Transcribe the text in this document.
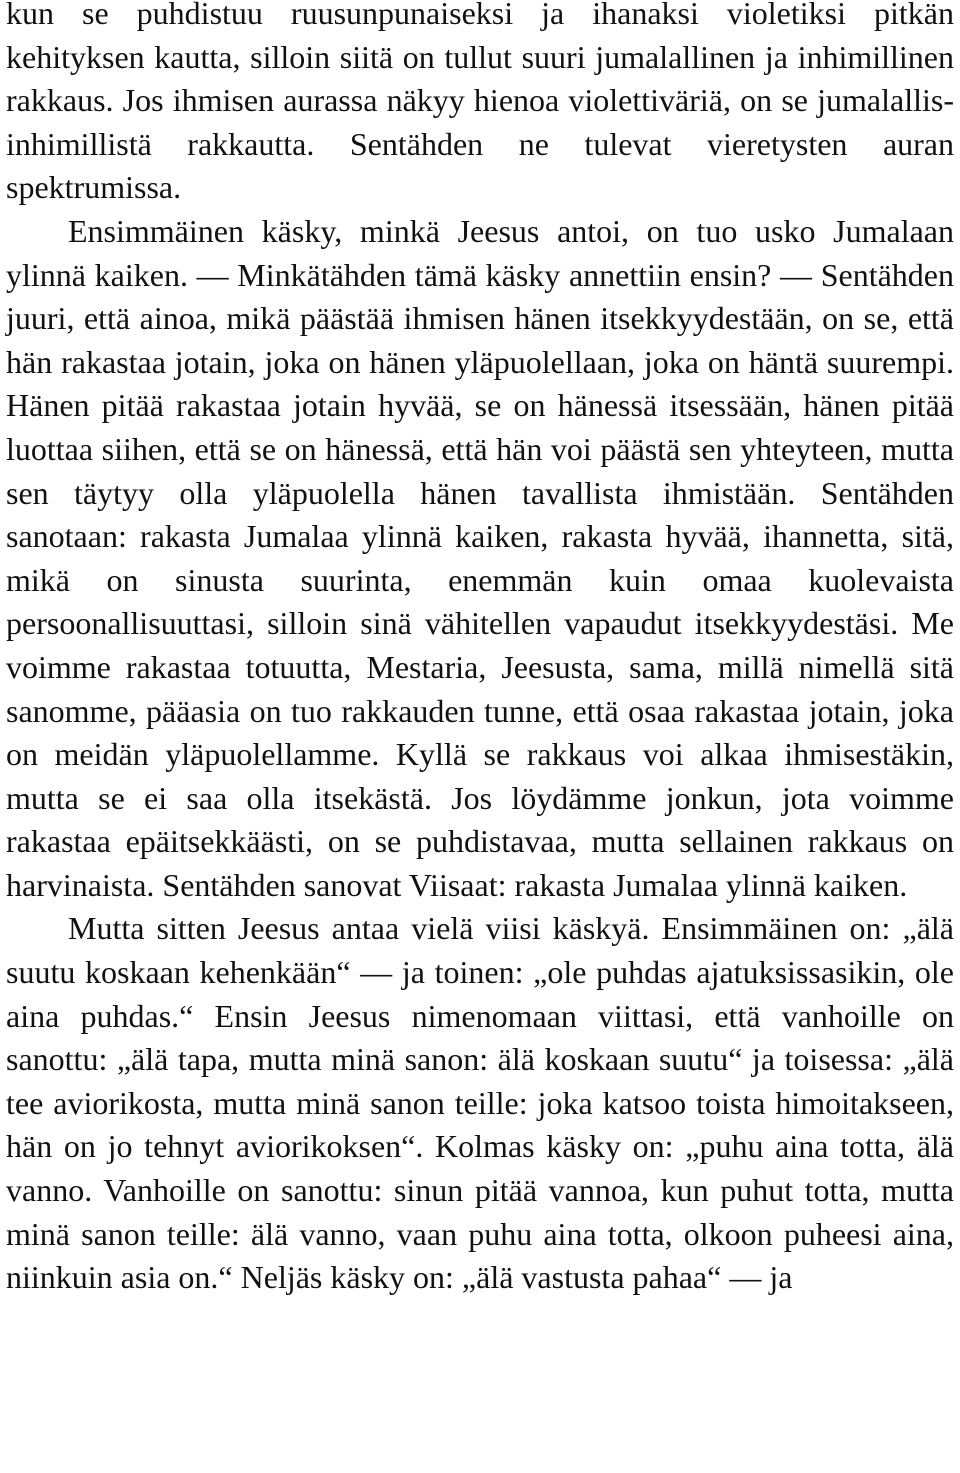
kun se puhdistuu ruusunpunaiseksi ja ihanaksi violetiksi pitkän kehityksen kautta, silloin siitä on tullut suuri jumalallinen ja inhimillinen rakkaus. Jos ihmisen aurassa näkyy hienoa violettiväriä, on se jumalallis-inhimillistä rakkautta. Sentähden ne tulevat vieretysten auran spektrumissa.

Ensimmäinen käsky, minkä Jeesus antoi, on tuo usko Jumalaan ylinnä kaiken. — Minkätähden tämä käsky annettiin ensin? — Sentähden juuri, että ainoa, mikä päästää ihmisen hänen itsekkyydestään, on se, että hän rakastaa jotain, joka on hänen yläpuolellaan, joka on häntä suurempi. Hänen pitää rakastaa jotain hyvää, se on hänessä itsessään, hänen pitää luottaa siihen, että se on hänessä, että hän voi päästä sen yhteyteen, mutta sen täytyy olla yläpuolella hänen tavallista ihmistään. Sentähden sanotaan: rakasta Jumalaa ylinnä kaiken, rakasta hyvää, ihannetta, sitä, mikä on sinusta suurinta, enemmän kuin omaa kuolevaista persoonallisuuttasi, silloin sinä vähitellen vapaudut itsekkyydestäsi. Me voimme rakastaa totuutta, Mestaria, Jeesusta, sama, millä nimellä sitä sanomme, pääasia on tuo rakkauden tunne, että osaa rakastaa jotain, joka on meidän yläpuolellamme. Kyllä se rakkaus voi alkaa ihmisestäkin, mutta se ei saa olla itsekästä. Jos löydämme jonkun, jota voimme rakastaa epäitsekkäästi, on se puhdistavaa, mutta sellainen rakkaus on harvinaista. Sentähden sanovat Viisaat: rakasta Jumalaa ylinnä kaiken.

Mutta sitten Jeesus antaa vielä viisi käskyä. Ensimmäinen on: „älä suutu koskaan kehenkään“ — ja toinen: „ole puhdas ajatuksissasikin, ole aina puhdas.“ Ensin Jeesus nimenomaan viittasi, että vanhoille on sanottu: „älä tapa, mutta minä sanon: älä koskaan suutu“ ja toisessa: „älä tee aviorikosta, mutta minä sanon teille: joka katsoo toista himoitakseen, hän on jo tehnyt aviorikoksen“. Kolmas käsky on: „puhu aina totta, älä vanno. Vanhoille on sanottu: sinun pitää vannoa, kun puhut totta, mutta minä sanon teille: älä vanno, vaan puhu aina totta, olkoon puheesi aina, niinkuin asia on.“ Neljäs käsky on: „älä vastusta pahaa“ — ja
